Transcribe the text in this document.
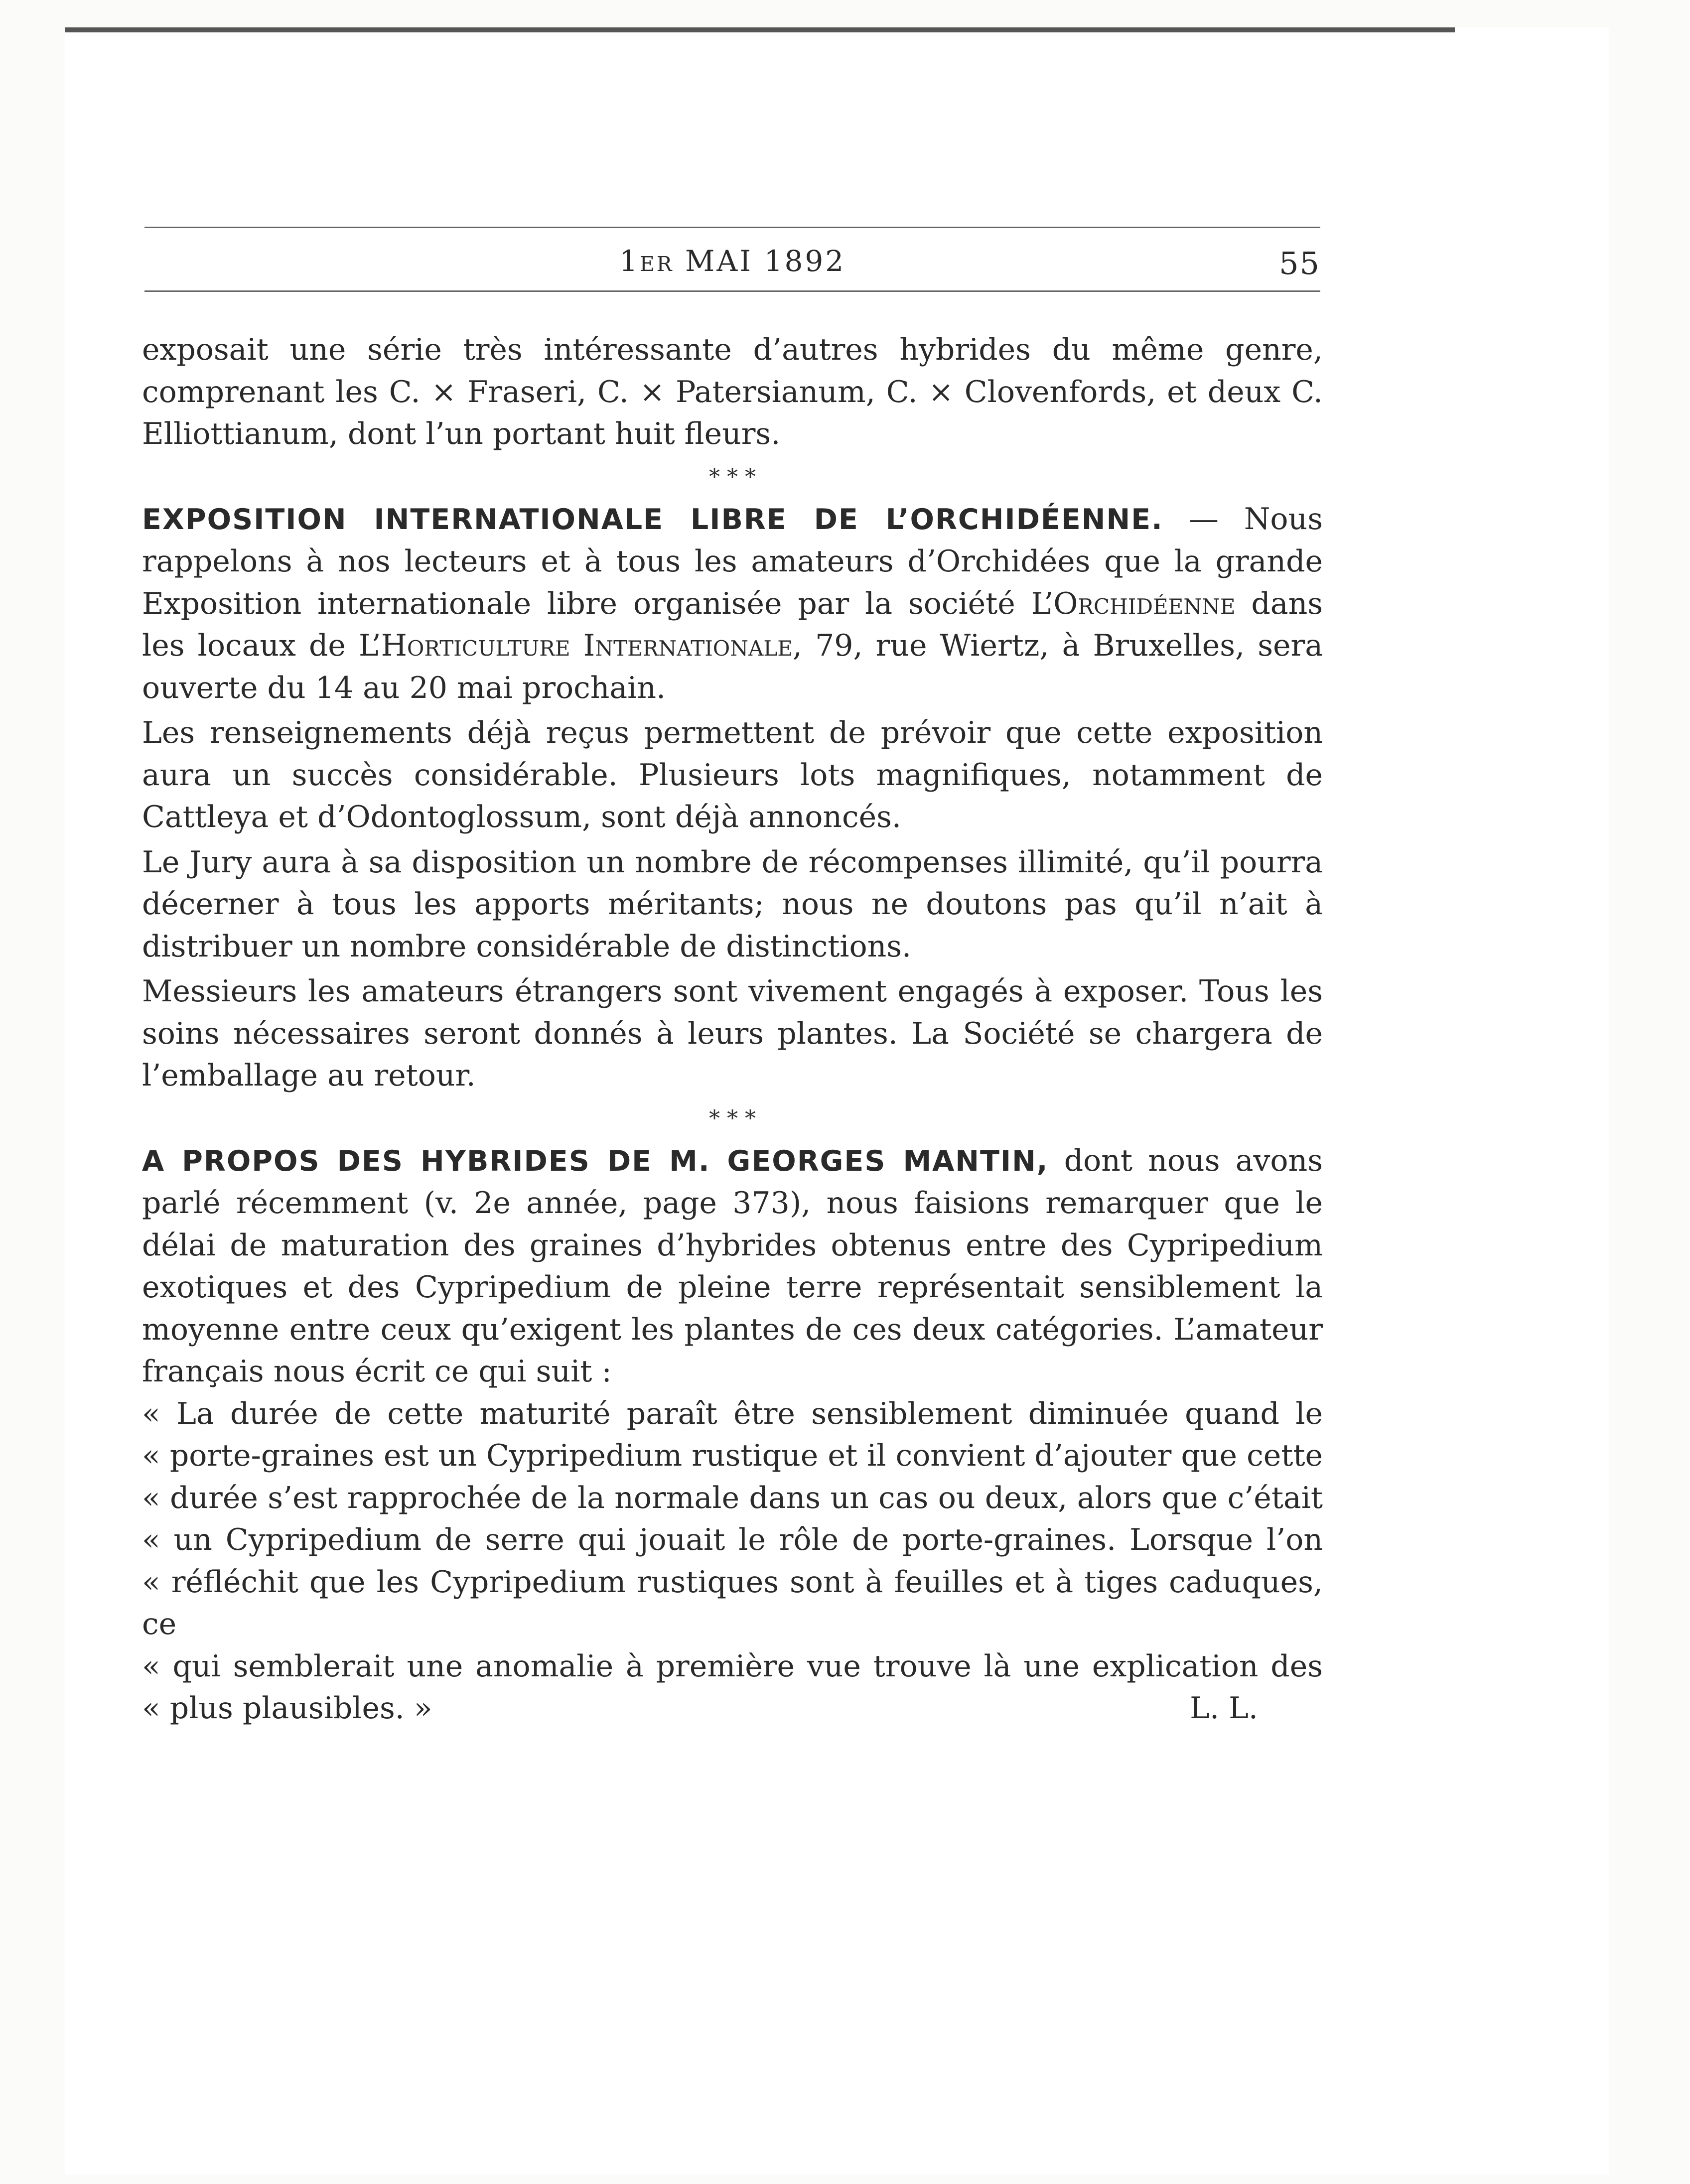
1er MAI 1892	55

exposait une série très intéressante d’autres hybrides du même genre, comprenant les C. × Fraseri, C. × Patersianum, C. × Clovenfords, et deux C. Elliottianum, dont l’un portant huit fleurs.

* * *

EXPOSITION INTERNATIONALE LIBRE DE L’ORCHIDÉENNE. — Nous rappelons à nos lecteurs et à tous les amateurs d’Orchidées que la grande Exposition internationale libre organisée par la société L’Orchidéenne dans les locaux de L’Horticulture Internationale, 79, rue Wiertz, à Bruxelles, sera ouverte du 14 au 20 mai prochain.

Les renseignements déjà reçus permettent de prévoir que cette exposition aura un succès considérable. Plusieurs lots magnifiques, notamment de Cattleya et d’Odontoglossum, sont déjà annoncés.

Le Jury aura à sa disposition un nombre de récompenses illimité, qu’il pourra décerner à tous les apports méritants; nous ne doutons pas qu’il n’ait à distribuer un nombre considérable de distinctions.

Messieurs les amateurs étrangers sont vivement engagés à exposer. Tous les soins nécessaires seront donnés à leurs plantes. La Société se chargera de l’emballage au retour.

* * *

A PROPOS DES HYBRIDES DE M. GEORGES MANTIN, dont nous avons parlé récemment (v. 2e année, page 373), nous faisions remarquer que le délai de maturation des graines d’hybrides obtenus entre des Cypripedium exotiques et des Cypripedium de pleine terre représentait sensiblement la moyenne entre ceux qu’exigent les plantes de ces deux catégories. L’amateur français nous écrit ce qui suit :

« La durée de cette maturité paraît être sensiblement diminuée quand le
« porte-graines est un Cypripedium rustique et il convient d’ajouter que cette
« durée s’est rapprochée de la normale dans un cas ou deux, alors que c’était
« un Cypripedium de serre qui jouait le rôle de porte-graines. Lorsque l’on
« réfléchit que les Cypripedium rustiques sont à feuilles et à tiges caduques, ce
« qui semblerait une anomalie à première vue trouve là une explication des
« plus plausibles. »	L. L.
